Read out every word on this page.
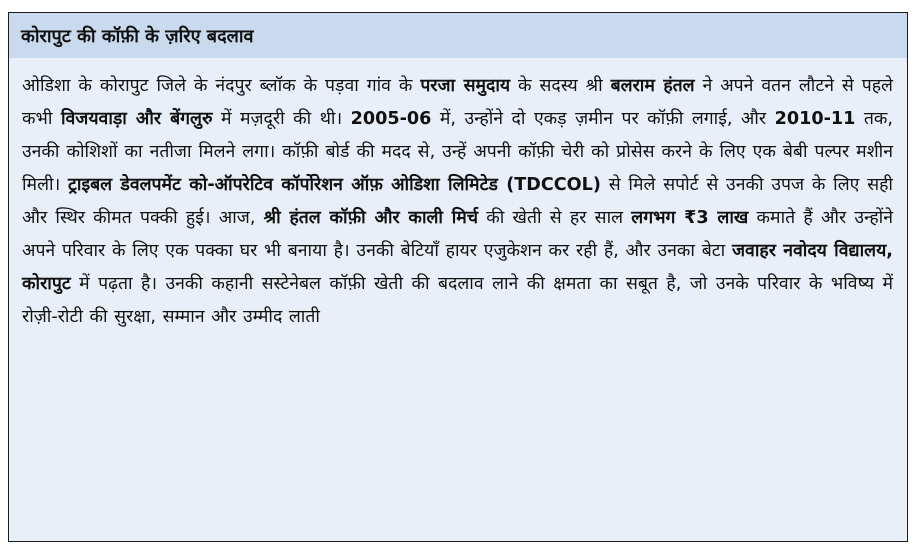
कोरापुट की कॉफ़ी के ज़रिए बदलाव
ओडिशा के कोरापुट जिले के नंदपुर ब्लॉक के पड़वा गांव के परजा समुदाय के सदस्य श्री बलराम हंतल ने अपने वतन लौटने से पहले कभी विजयवाड़ा और बेंगलुरु में मज़दूरी की थी। 2005-06 में, उन्होंने दो एकड़ ज़मीन पर कॉफ़ी लगाई, और 2010-11 तक, उनकी कोशिशों का नतीजा मिलने लगा। कॉफ़ी बोर्ड की मदद से, उन्हें अपनी कॉफ़ी चेरी को प्रोसेस करने के लिए एक बेबी पल्पर मशीन मिली। ट्राइबल डेवलपमेंट को-ऑपरेटिव कॉर्पोरेशन ऑफ़ ओडिशा लिमिटेड (TDCCOL) से मिले सपोर्ट से उनकी उपज के लिए सही और स्थिर कीमत पक्की हुई। आज, श्री हंतल कॉफ़ी और काली मिर्च की खेती से हर साल लगभग ₹3 लाख कमाते हैं और उन्होंने अपने परिवार के लिए एक पक्का घर भी बनाया है। उनकी बेटियाँ हायर एजुकेशन कर रही हैं, और उनका बेटा जवाहर नवोदय विद्यालय, कोरापुट में पढ़ता है। उनकी कहानी सस्टेनेबल कॉफ़ी खेती की बदलाव लाने की क्षमता का सबूत है, जो उनके परिवार के भविष्य में रोज़ी-रोटी की सुरक्षा, सम्मान और उम्मीद लाती
